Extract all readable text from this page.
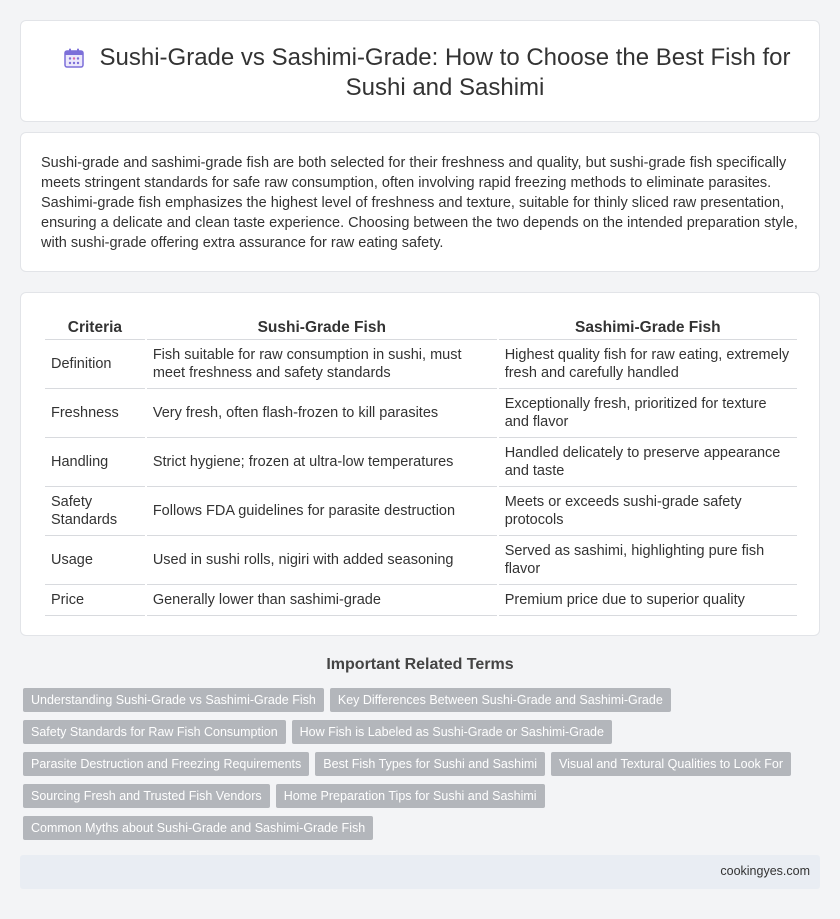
Sushi-Grade vs Sashimi-Grade: How to Choose the Best Fish for Sushi and Sashimi

Sushi-grade and sashimi-grade fish are both selected for their freshness and quality, but sushi-grade fish specifically meets stringent standards for safe raw consumption, often involving rapid freezing methods to eliminate parasites. Sashimi-grade fish emphasizes the highest level of freshness and texture, suitable for thinly sliced raw presentation, ensuring a delicate and clean taste experience. Choosing between the two depends on the intended preparation style, with sushi-grade offering extra assurance for raw eating safety.

Criteria	Sushi-Grade Fish	Sashimi-Grade Fish
Definition	Fish suitable for raw consumption in sushi, must meet freshness and safety standards	Highest quality fish for raw eating, extremely fresh and carefully handled
Freshness	Very fresh, often flash-frozen to kill parasites	Exceptionally fresh, prioritized for texture and flavor
Handling	Strict hygiene; frozen at ultra-low temperatures	Handled delicately to preserve appearance and taste
Safety Standards	Follows FDA guidelines for parasite destruction	Meets or exceeds sushi-grade safety protocols
Usage	Used in sushi rolls, nigiri with added seasoning	Served as sashimi, highlighting pure fish flavor
Price	Generally lower than sashimi-grade	Premium price due to superior quality
Important Related Terms
Understanding Sushi-Grade vs Sashimi-Grade Fish	Key Differences Between Sushi-Grade and Sashimi-Grade
Safety Standards for Raw Fish Consumption	How Fish is Labeled as Sushi-Grade or Sashimi-Grade
Parasite Destruction and Freezing Requirements	Best Fish Types for Sushi and Sashimi	Visual and Textural Qualities to Look For
Sourcing Fresh and Trusted Fish Vendors	Home Preparation Tips for Sushi and Sashimi
Common Myths about Sushi-Grade and Sashimi-Grade Fish
cookingyes.com
